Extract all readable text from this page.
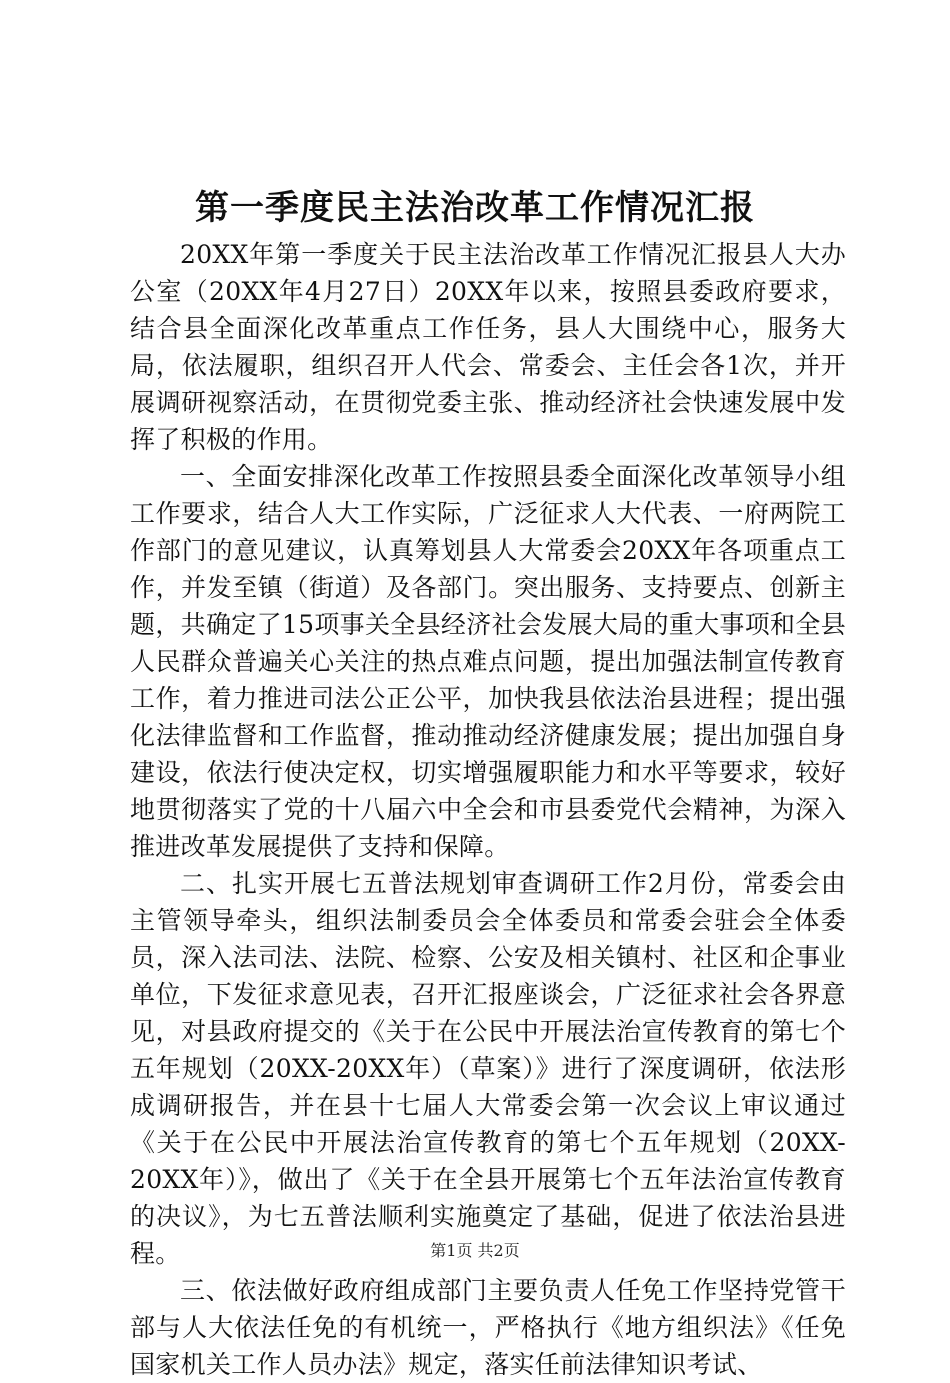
第一季度民主法治改革工作情况汇报

20XX年第一季度关于民主法治改革工作情况汇报县人大办公室（20XX年4月27日）20XX年以来，按照县委政府要求，结合县全面深化改革重点工作任务，县人大围绕中心，服务大局，依法履职，组织召开人代会、常委会、主任会各1次，并开展调研视察活动，在贯彻党委主张、推动经济社会快速发展中发挥了积极的作用。

一、全面安排深化改革工作按照县委全面深化改革领导小组工作要求，结合人大工作实际，广泛征求人大代表、一府两院工作部门的意见建议，认真筹划县人大常委会20XX年各项重点工作，并发至镇（街道）及各部门。突出服务、支持要点、创新主题，共确定了15项事关全县经济社会发展大局的重大事项和全县人民群众普遍关心关注的热点难点问题，提出加强法制宣传教育工作，着力推进司法公正公平，加快我县依法治县进程；提出强化法律监督和工作监督，推动推动经济健康发展；提出加强自身建设，依法行使决定权，切实增强履职能力和水平等要求，较好地贯彻落实了党的十八届六中全会和市县委党代会精神，为深入推进改革发展提供了支持和保障。

二、扎实开展七五普法规划审查调研工作2月份，常委会由主管领导牵头，组织法制委员会全体委员和常委会驻会全体委员，深入法司法、法院、检察、公安及相关镇村、社区和企事业单位，下发征求意见表，召开汇报座谈会，广泛征求社会各界意见，对县政府提交的《关于在公民中开展法治宣传教育的第七个五年规划（20XX-20XX年）（草案）》进行了深度调研，依法形成调研报告，并在县十七届人大常委会第一次会议上审议通过《关于在公民中开展法治宣传教育的第七个五年规划（20XX-20XX年）》，做出了《关于在全县开展第七个五年法治宣传教育的决议》，为七五普法顺利实施奠定了基础，促进了依法治县进程。

三、依法做好政府组成部门主要负责人任免工作坚持党管干部与人大依法任免的有机统一，严格执行《地方组织法》《任免国家机关工作人员办法》规定，落实任前法律知识考试、

第1页 共2页
